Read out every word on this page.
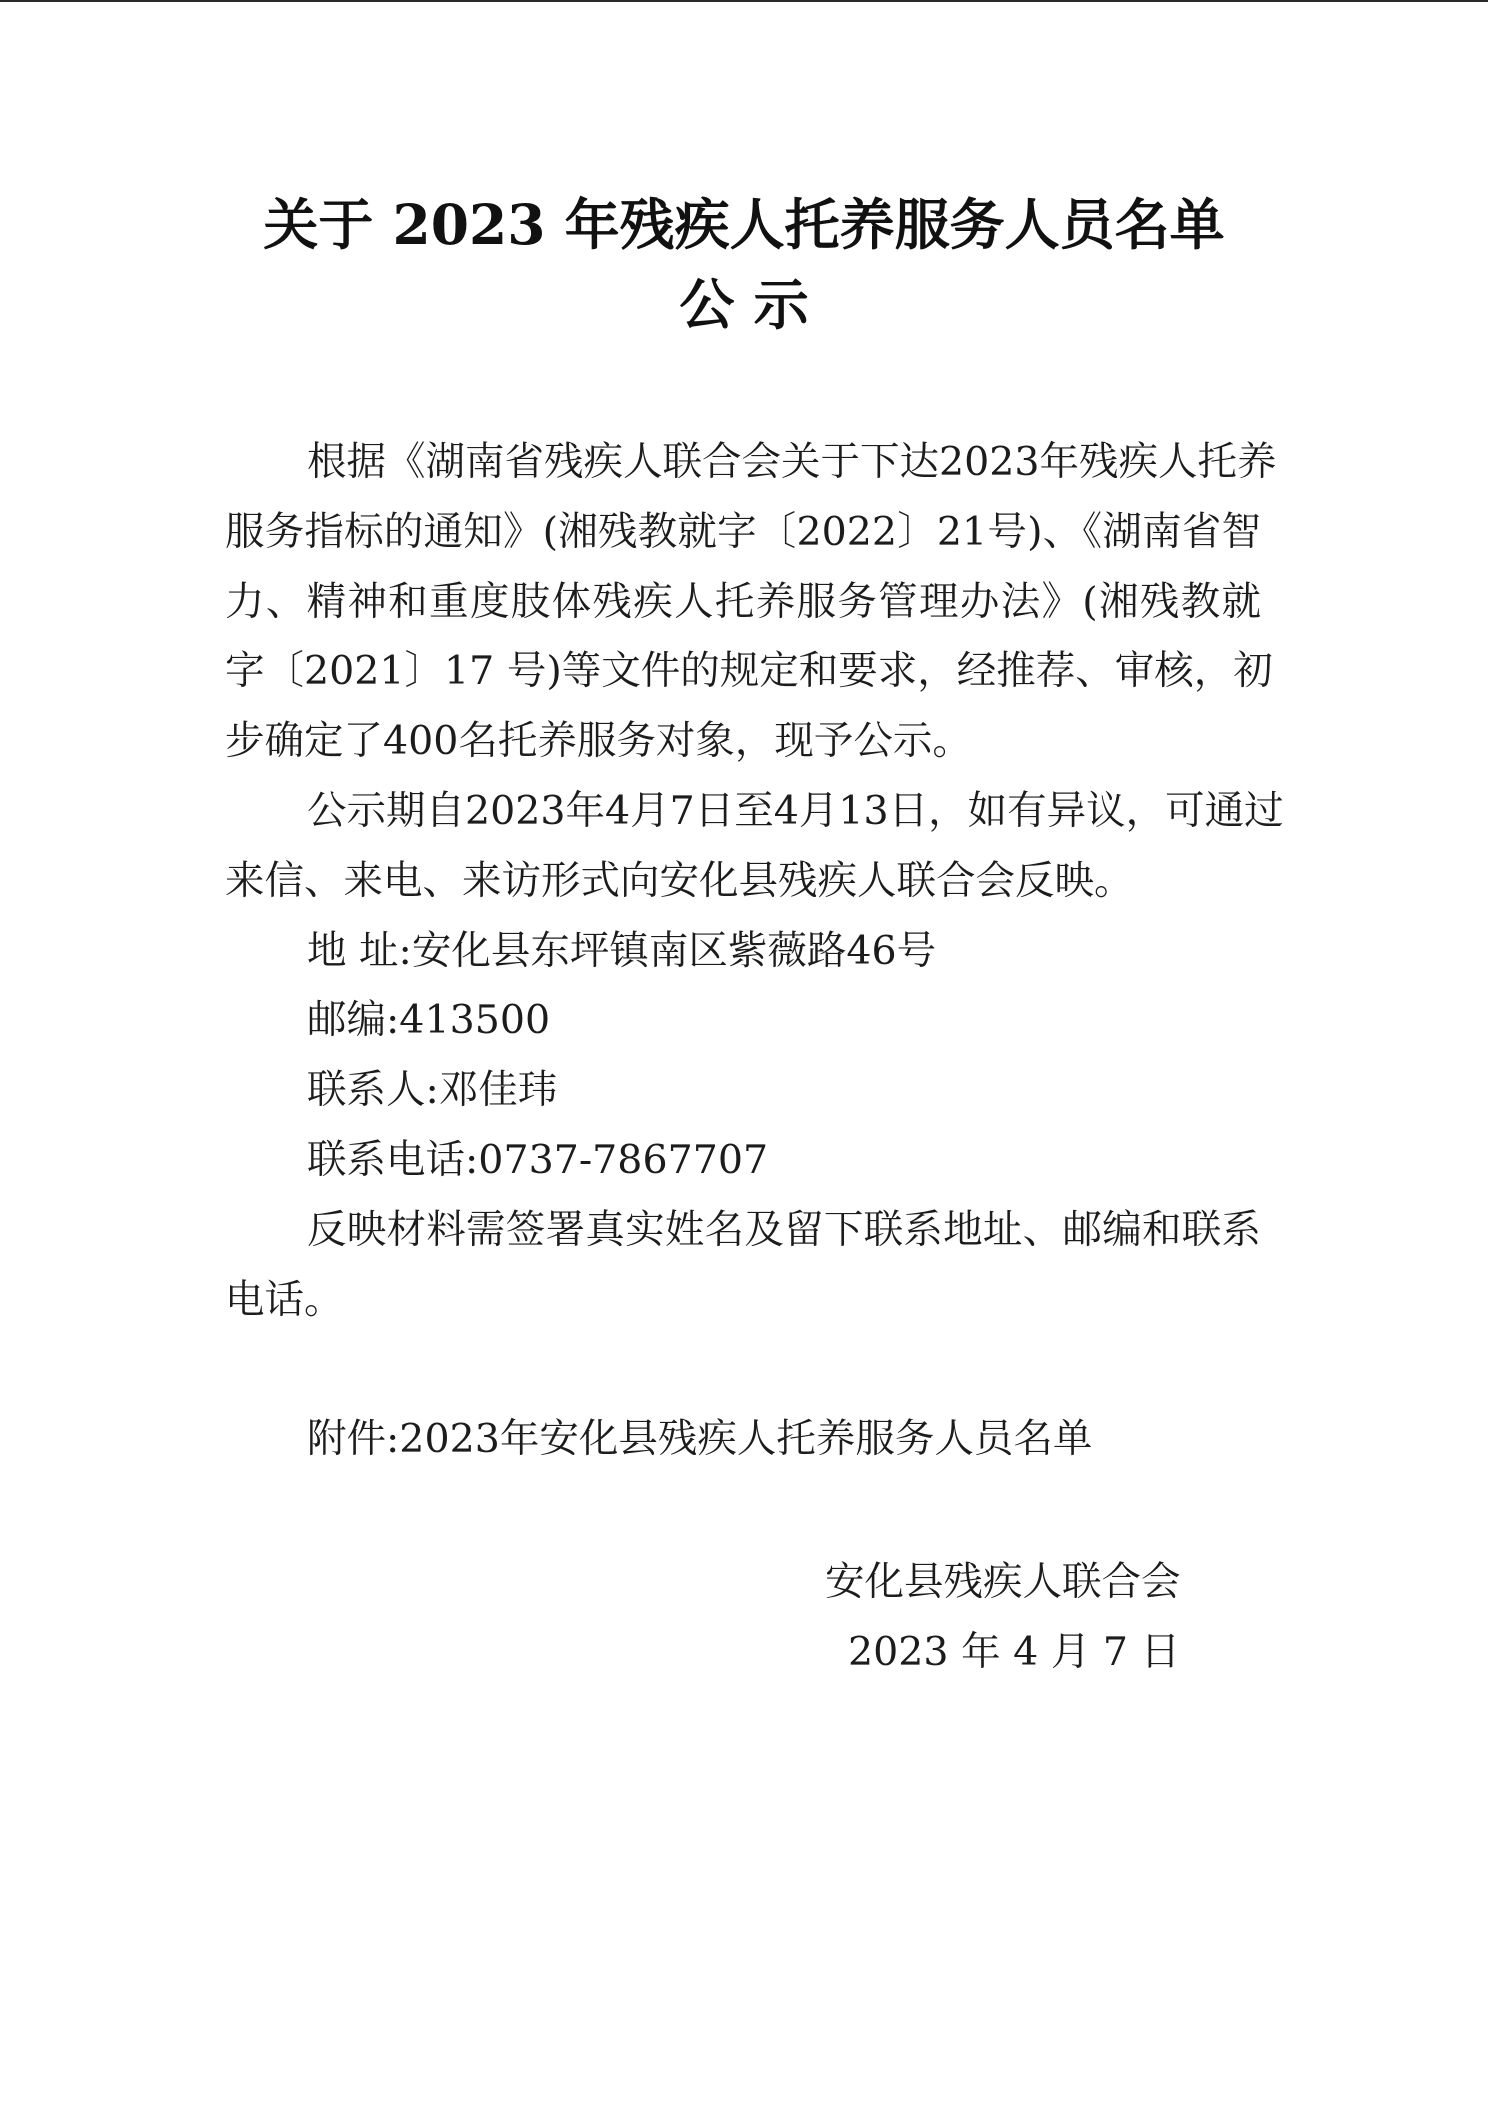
关于 2023 年残疾人托养服务人员名单
公 示
根据《湖南省残疾人联合会关于下达2023年残疾人托养
服务指标的通知》(湘残教就字〔2022〕21号)、《湖南省智
力、精神和重度肢体残疾人托养服务管理办法》(湘残教就
字〔2021〕17 号)等文件的规定和要求，经推荐、审核，初
步确定了400名托养服务对象，现予公示。
公示期自2023年4月7日至4月13日，如有异议，可通过
来信、来电、来访形式向安化县残疾人联合会反映。
地 址:安化县东坪镇南区紫薇路46号
邮编:413500
联系人:邓佳玮
联系电话:0737-7867707
反映材料需签署真实姓名及留下联系地址、邮编和联系
电话。
附件:2023年安化县残疾人托养服务人员名单
安化县残疾人联合会
2023 年 4 月 7 日
